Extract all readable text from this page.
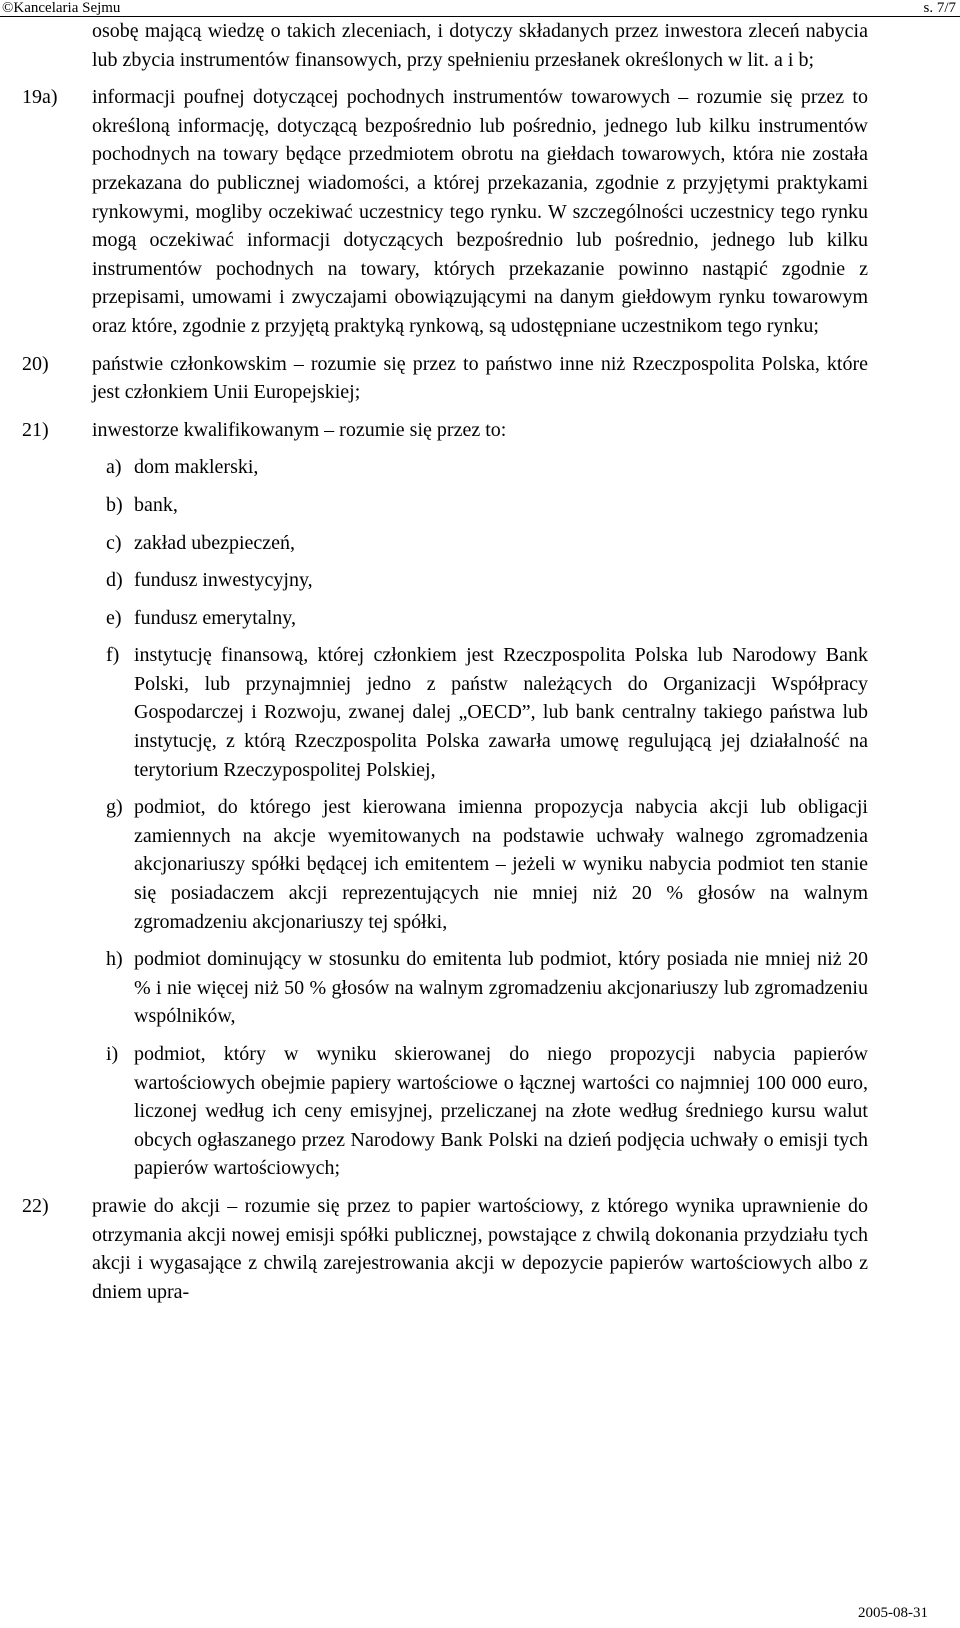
©Kancelaria Sejmu	s. 7/7

osobę mającą wiedzę o takich zleceniach, i dotyczy składanych przez inwestora zleceń nabycia lub zbycia instrumentów finansowych, przy spełnieniu przesłanek określonych w lit. a i b;

19a) informacji poufnej dotyczącej pochodnych instrumentów towarowych – rozumie się przez to określoną informację, dotyczącą bezpośrednio lub pośrednio, jednego lub kilku instrumentów pochodnych na towary będące przedmiotem obrotu na giełdach towarowych, która nie została przekazana do publicznej wiadomości, a której przekazania, zgodnie z przyjętymi praktykami rynkowymi, mogliby oczekiwać uczestnicy tego rynku. W szczególności uczestnicy tego rynku mogą oczekiwać informacji dotyczących bezpośrednio lub pośrednio, jednego lub kilku instrumentów pochodnych na towary, których przekazanie powinno nastąpić zgodnie z przepisami, umowami i zwyczajami obowiązującymi na danym giełdowym rynku towarowym oraz które, zgodnie z przyjętą praktyką rynkową, są udostępniane uczestnikom tego rynku;
20) państwie członkowskim – rozumie się przez to państwo inne niż Rzeczpospolita Polska, które jest członkiem Unii Europejskiej;
21) inwestorze kwalifikowanym – rozumie się przez to:
a) dom maklerski,
b) bank,
c) zakład ubezpieczeń,
d) fundusz inwestycyjny,
e) fundusz emerytalny,
f) instytucję finansową, której członkiem jest Rzeczpospolita Polska lub Narodowy Bank Polski, lub przynajmniej jedno z państw należących do Organizacji Współpracy Gospodarczej i Rozwoju, zwanej dalej „OECD”, lub bank centralny takiego państwa lub instytucję, z którą Rzeczpospolita Polska zawarła umowę regulującą jej działalność na terytorium Rzeczypospolitej Polskiej,
g) podmiot, do którego jest kierowana imienna propozycja nabycia akcji lub obligacji zamiennych na akcje wyemitowanych na podstawie uchwały walnego zgromadzenia akcjonariuszy spółki będącej ich emitentem – jeżeli w wyniku nabycia podmiot ten stanie się posiadaczem akcji reprezentujących nie mniej niż 20 % głosów na walnym zgromadzeniu akcjonariuszy tej spółki,
h) podmiot dominujący w stosunku do emitenta lub podmiot, który posiada nie mniej niż 20 % i nie więcej niż 50 % głosów na walnym zgromadzeniu akcjonariuszy lub zgromadzeniu wspólników,
i) podmiot, który w wyniku skierowanej do niego propozycji nabycia papierów wartościowych obejmie papiery wartościowe o łącznej wartości co najmniej 100 000 euro, liczonej według ich ceny emisyjnej, przeliczanej na złote według średniego kursu walut obcych ogłaszanego przez Narodowy Bank Polski na dzień podjęcia uchwały o emisji tych papierów wartościowych;
22) prawie do akcji – rozumie się przez to papier wartościowy, z którego wynika uprawnienie do otrzymania akcji nowej emisji spółki publicznej, powstające z chwilą dokonania przydziału tych akcji i wygasające z chwilą zarejestrowania akcji w depozycie papierów wartościowych albo z dniem upra-
2005-08-31
